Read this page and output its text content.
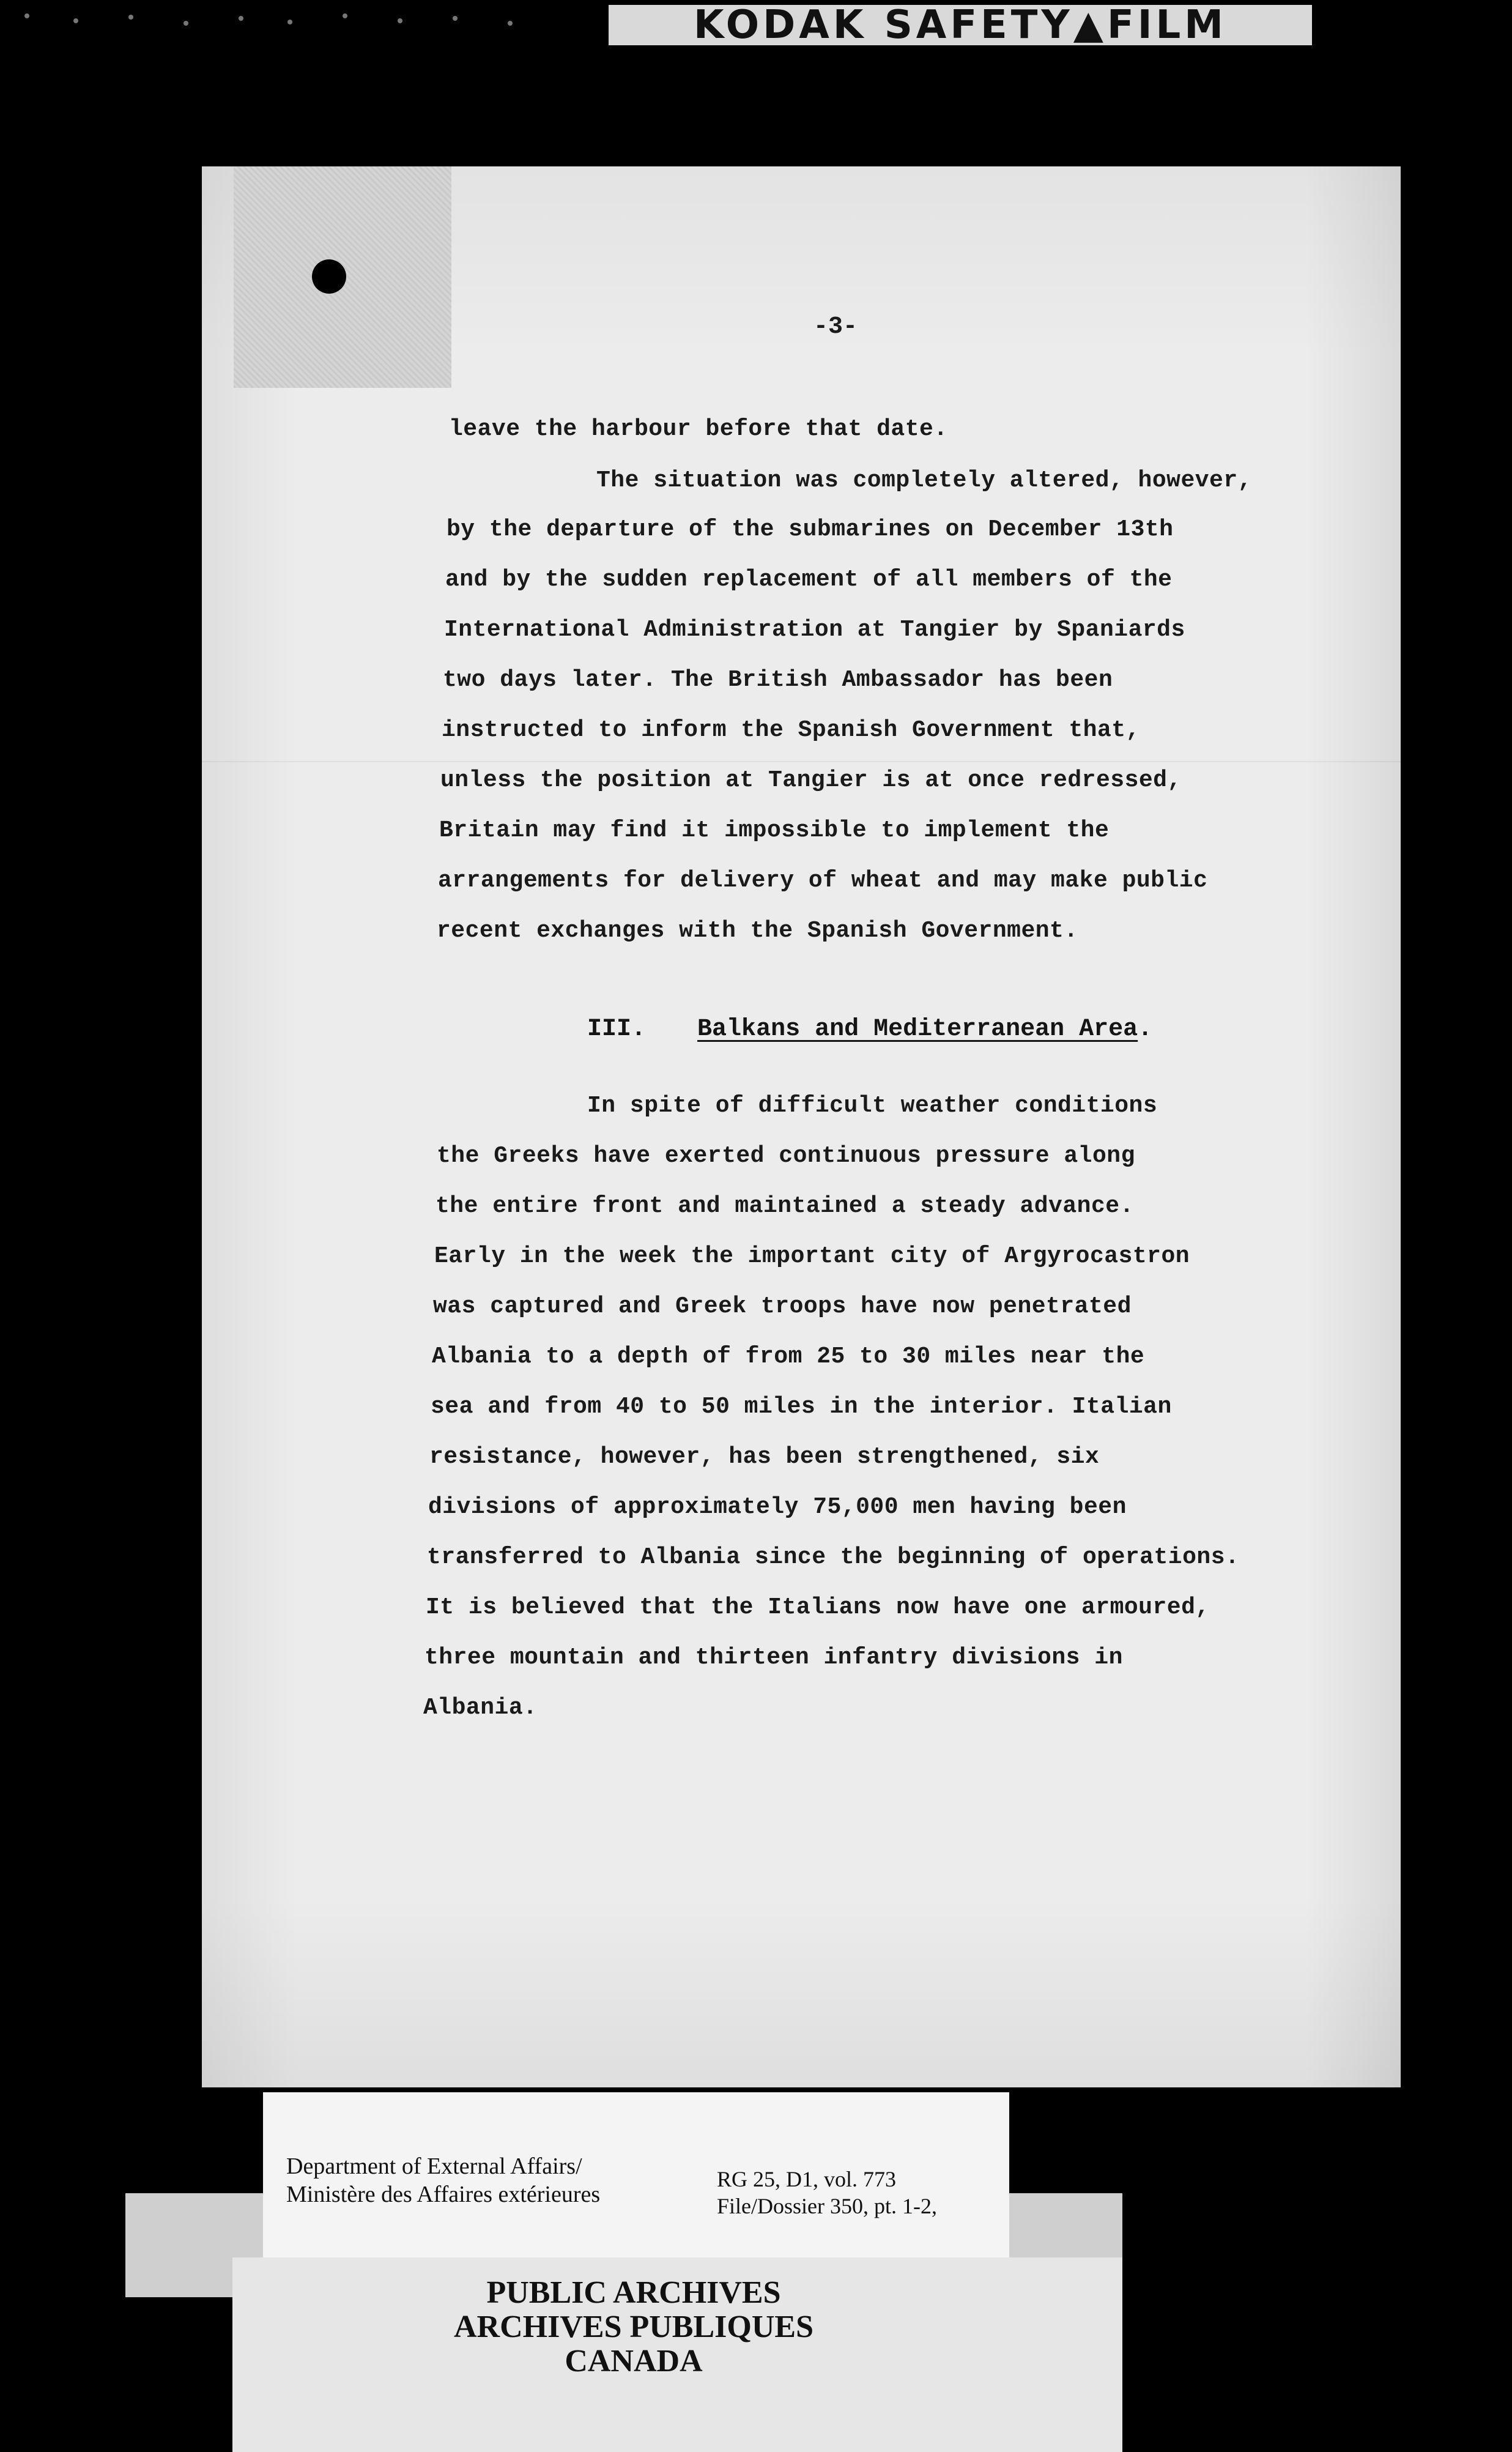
KODAK SAFETY▲FILM
-3-
leave the harbour before that date.
The situation was completely altered, however,
by the departure of the submarines on December 13th
and by the sudden replacement of all members of the
International Administration at Tangier by Spaniards
two days later. The British Ambassador has been
instructed to inform the Spanish Government that,
unless the position at Tangier is at once redressed,
Britain may find it impossible to implement the
arrangements for delivery of wheat and may make public
recent exchanges with the Spanish Government.
III. Balkans and Mediterranean Area.
In spite of difficult weather conditions
the Greeks have exerted continuous pressure along
the entire front and maintained a steady advance.
Early in the week the important city of Argyrocastron
was captured and Greek troops have now penetrated
Albania to a depth of from 25 to 30 miles near the
sea and from 40 to 50 miles in the interior. Italian
resistance, however, has been strengthened, six
divisions of approximately 75,000 men having been
transferred to Albania since the beginning of operations.
It is believed that the Italians now have one armoured,
three mountain and thirteen infantry divisions in
Albania.
Department of External Affairs/
Ministère des Affaires extérieures
RG 25, D1, vol. 773
File/Dossier 350, pt. 1-2,
PUBLIC ARCHIVES
ARCHIVES PUBLIQUES
CANADA
